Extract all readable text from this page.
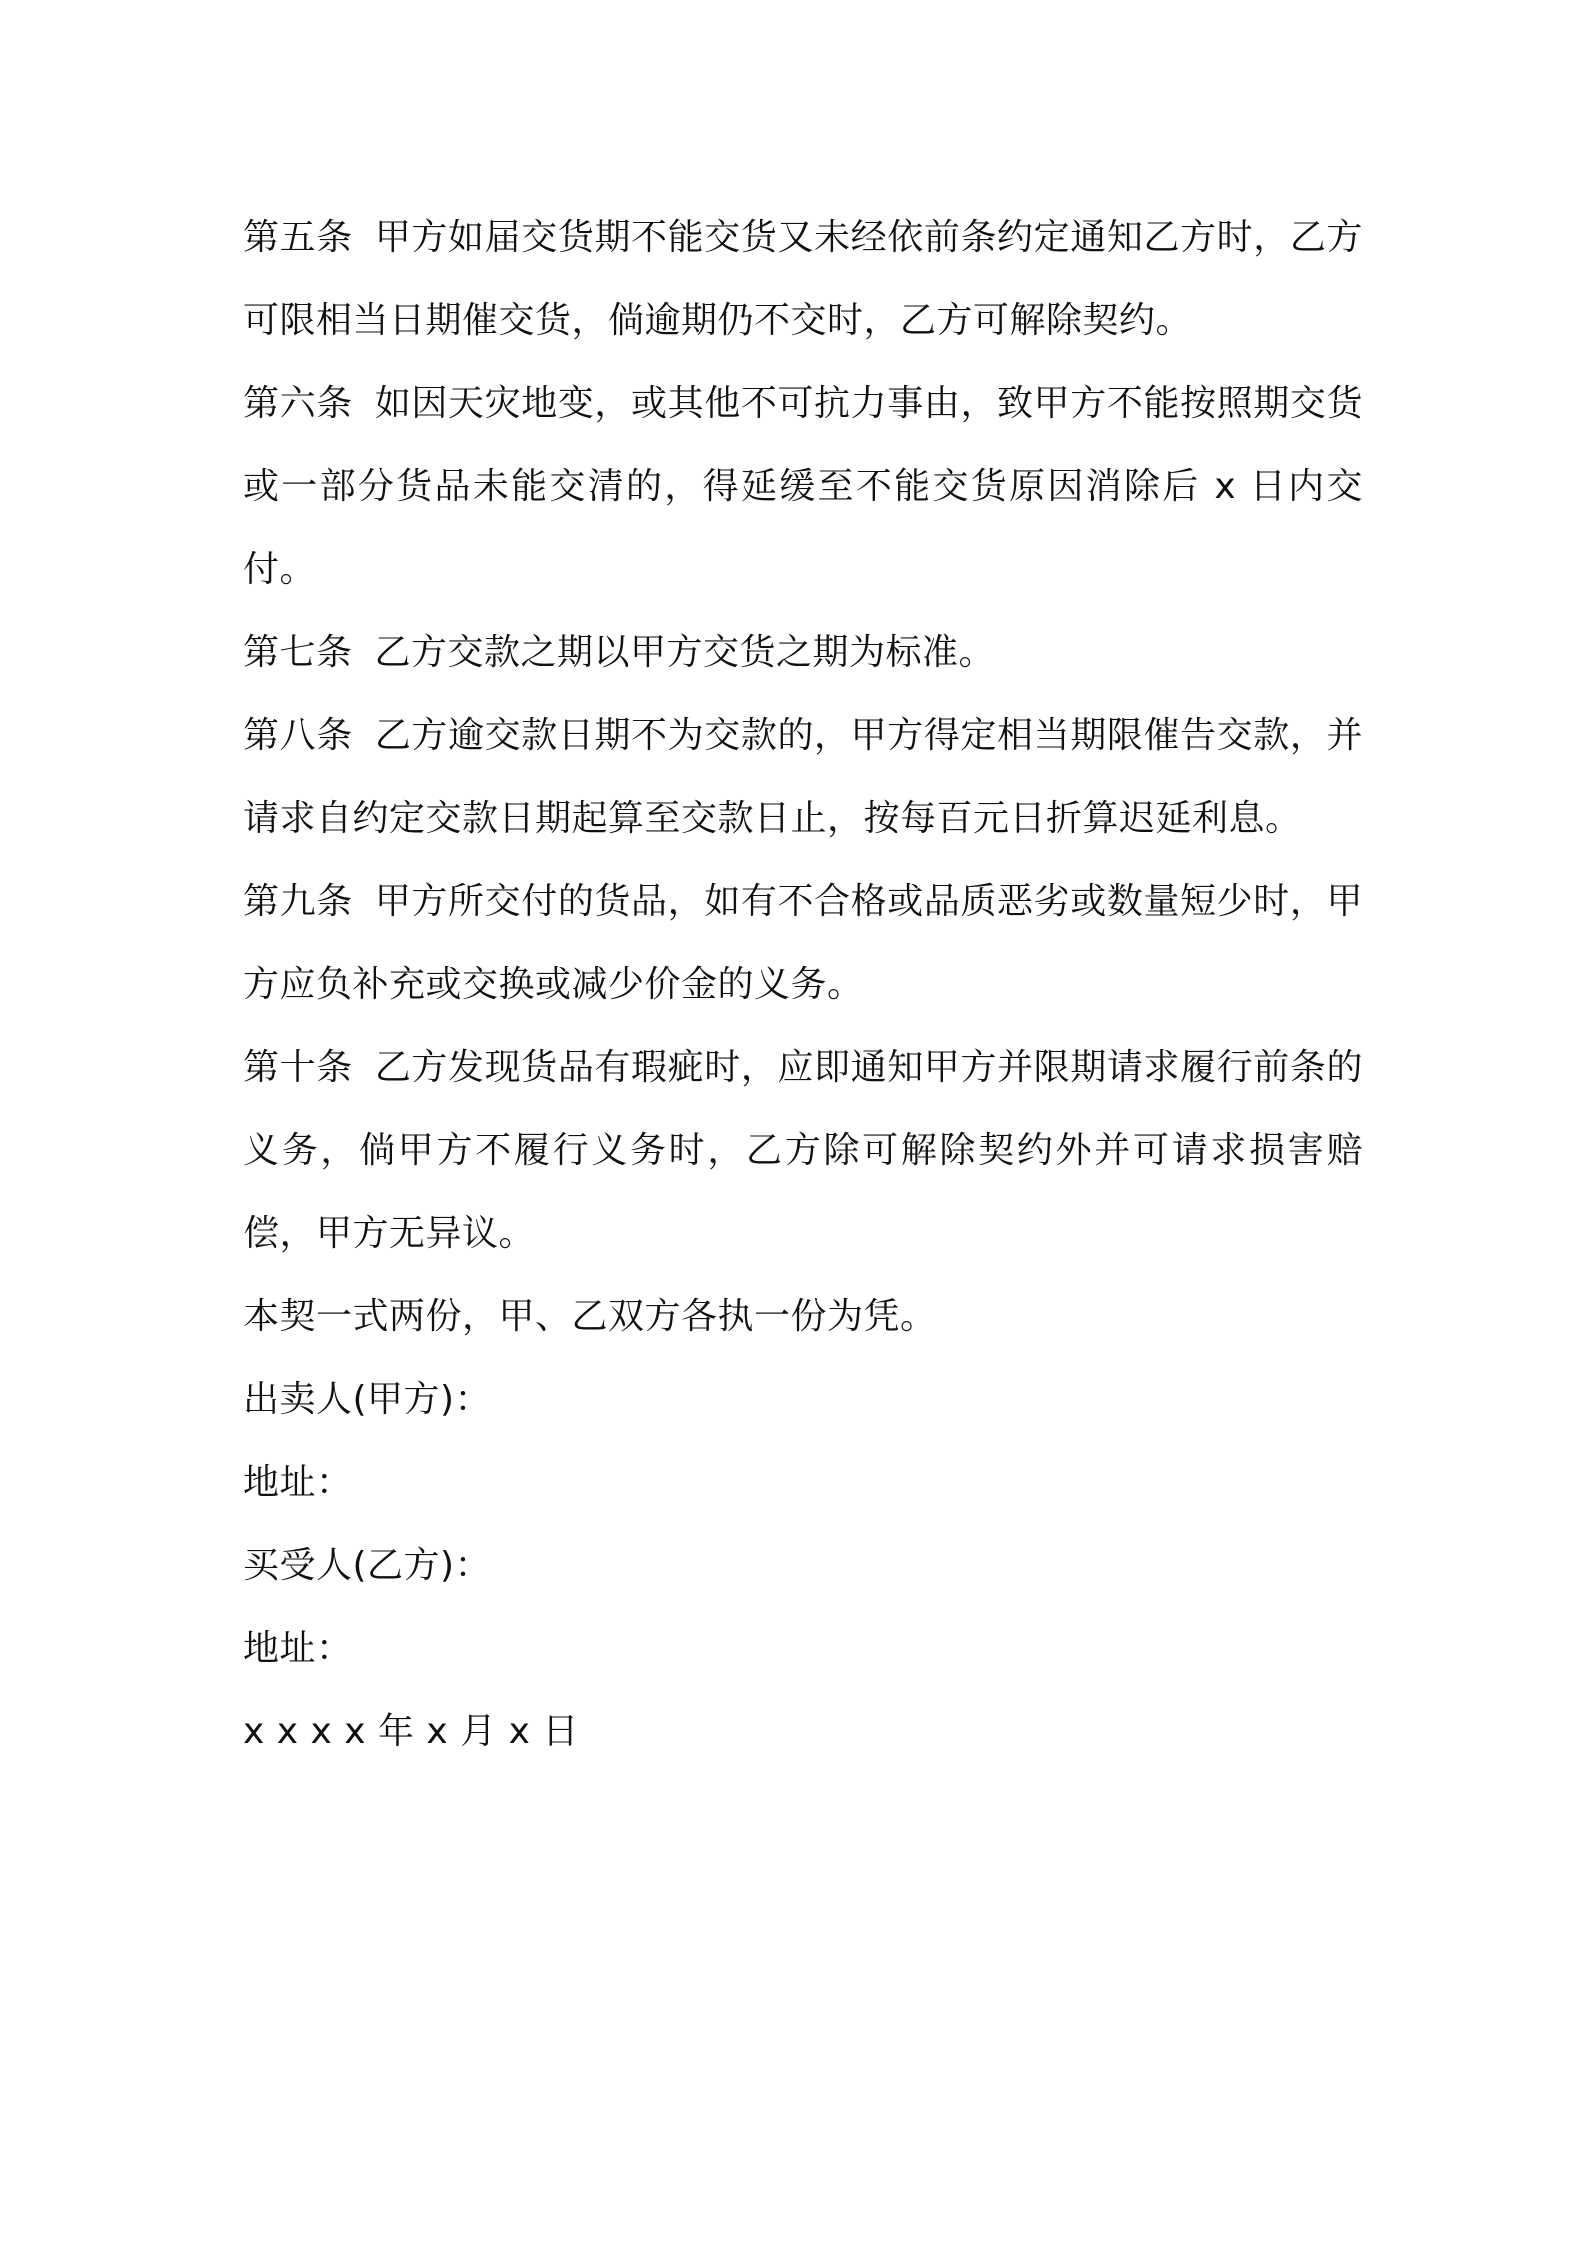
第五条 甲方如届交货期不能交货又未经依前条约定通知乙方时，乙方可限相当日期催交货，倘逾期仍不交时，乙方可解除契约。

第六条 如因天灾地变，或其他不可抗力事由，致甲方不能按照期交货或一部分货品未能交清的，得延缓至不能交货原因消除后 x 日内交付。

第七条 乙方交款之期以甲方交货之期为标准。

第八条 乙方逾交款日期不为交款的，甲方得定相当期限催告交款，并请求自约定交款日期起算至交款日止，按每百元日折算迟延利息。

第九条 甲方所交付的货品，如有不合格或品质恶劣或数量短少时，甲方应负补充或交换或减少价金的义务。

第十条 乙方发现货品有瑕疵时，应即通知甲方并限期请求履行前条的义务，倘甲方不履行义务时，乙方除可解除契约外并可请求损害赔偿，甲方无异议。

本契一式两份，甲、乙双方各执一份为凭。

出卖人(甲方)：

地址：

买受人(乙方)：

地址：

x x x x 年 x 月 x 日
